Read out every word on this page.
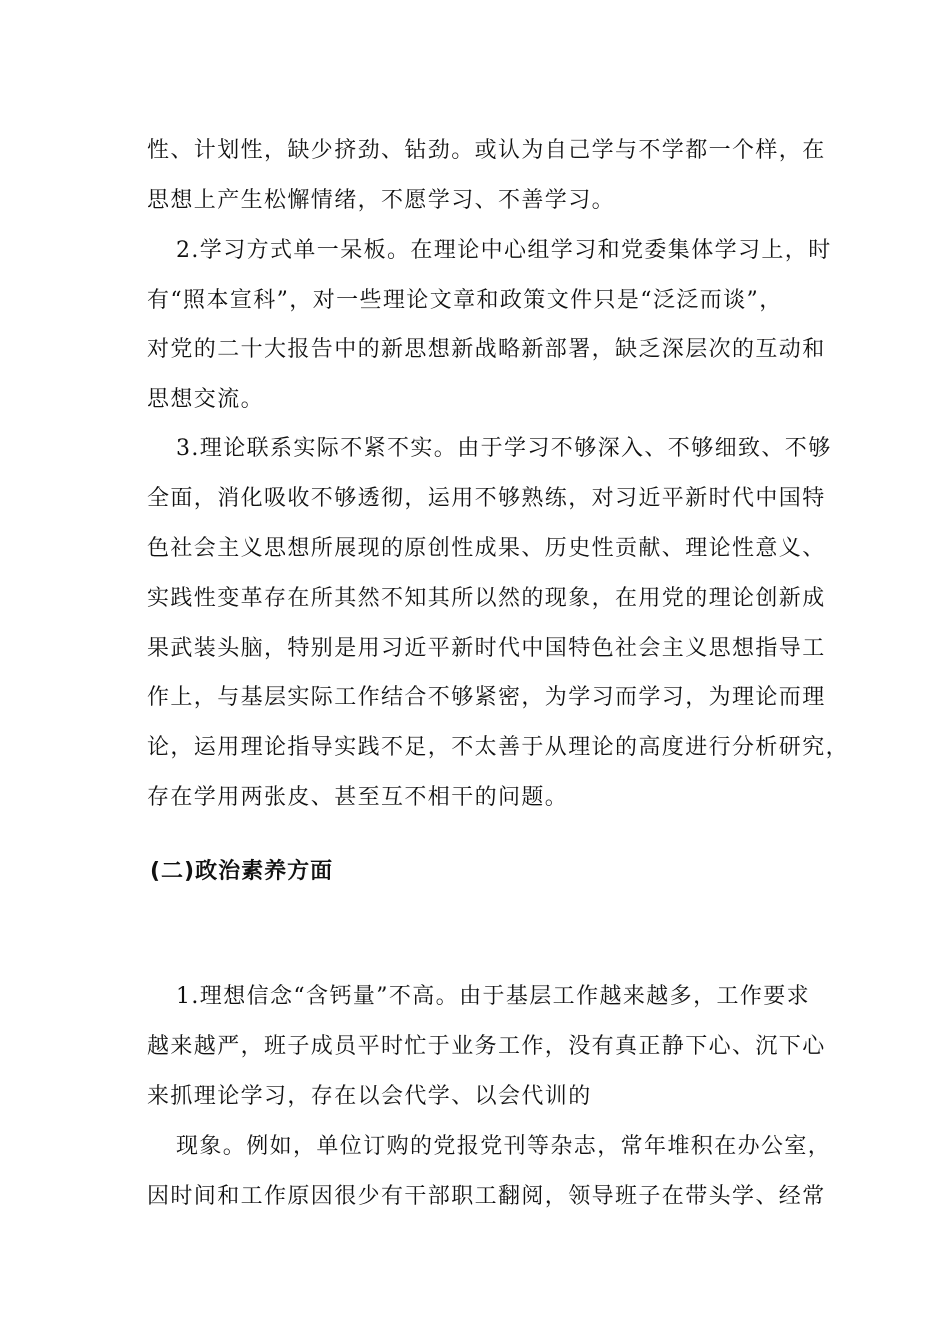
性、计划性，缺少挤劲、钻劲。或认为自己学与不学都一个样，在
思想上产生松懈情绪，不愿学习、不善学习。
2.学习方式单一呆板。在理论中心组学习和党委集体学习上，时
有“照本宣科”，对一些理论文章和政策文件只是“泛泛而谈”，
对党的二十大报告中的新思想新战略新部署，缺乏深层次的互动和
思想交流。
3.理论联系实际不紧不实。由于学习不够深入、不够细致、不够
全面，消化吸收不够透彻，运用不够熟练，对习近平新时代中国特
色社会主义思想所展现的原创性成果、历史性贡献、理论性意义、
实践性变革存在所其然不知其所以然的现象，在用党的理论创新成
果武装头脑，特别是用习近平新时代中国特色社会主义思想指导工
作上，与基层实际工作结合不够紧密，为学习而学习，为理论而理
论，运用理论指导实践不足，不太善于从理论的高度进行分析研究，
存在学用两张皮、甚至互不相干的问题。
(二)政治素养方面
1.理想信念“含钙量”不高。由于基层工作越来越多，工作要求
越来越严，班子成员平时忙于业务工作，没有真正静下心、沉下心
来抓理论学习，存在以会代学、以会代训的
现象。例如，单位订购的党报党刊等杂志，常年堆积在办公室，
因时间和工作原因很少有干部职工翻阅，领导班子在带头学、经常
